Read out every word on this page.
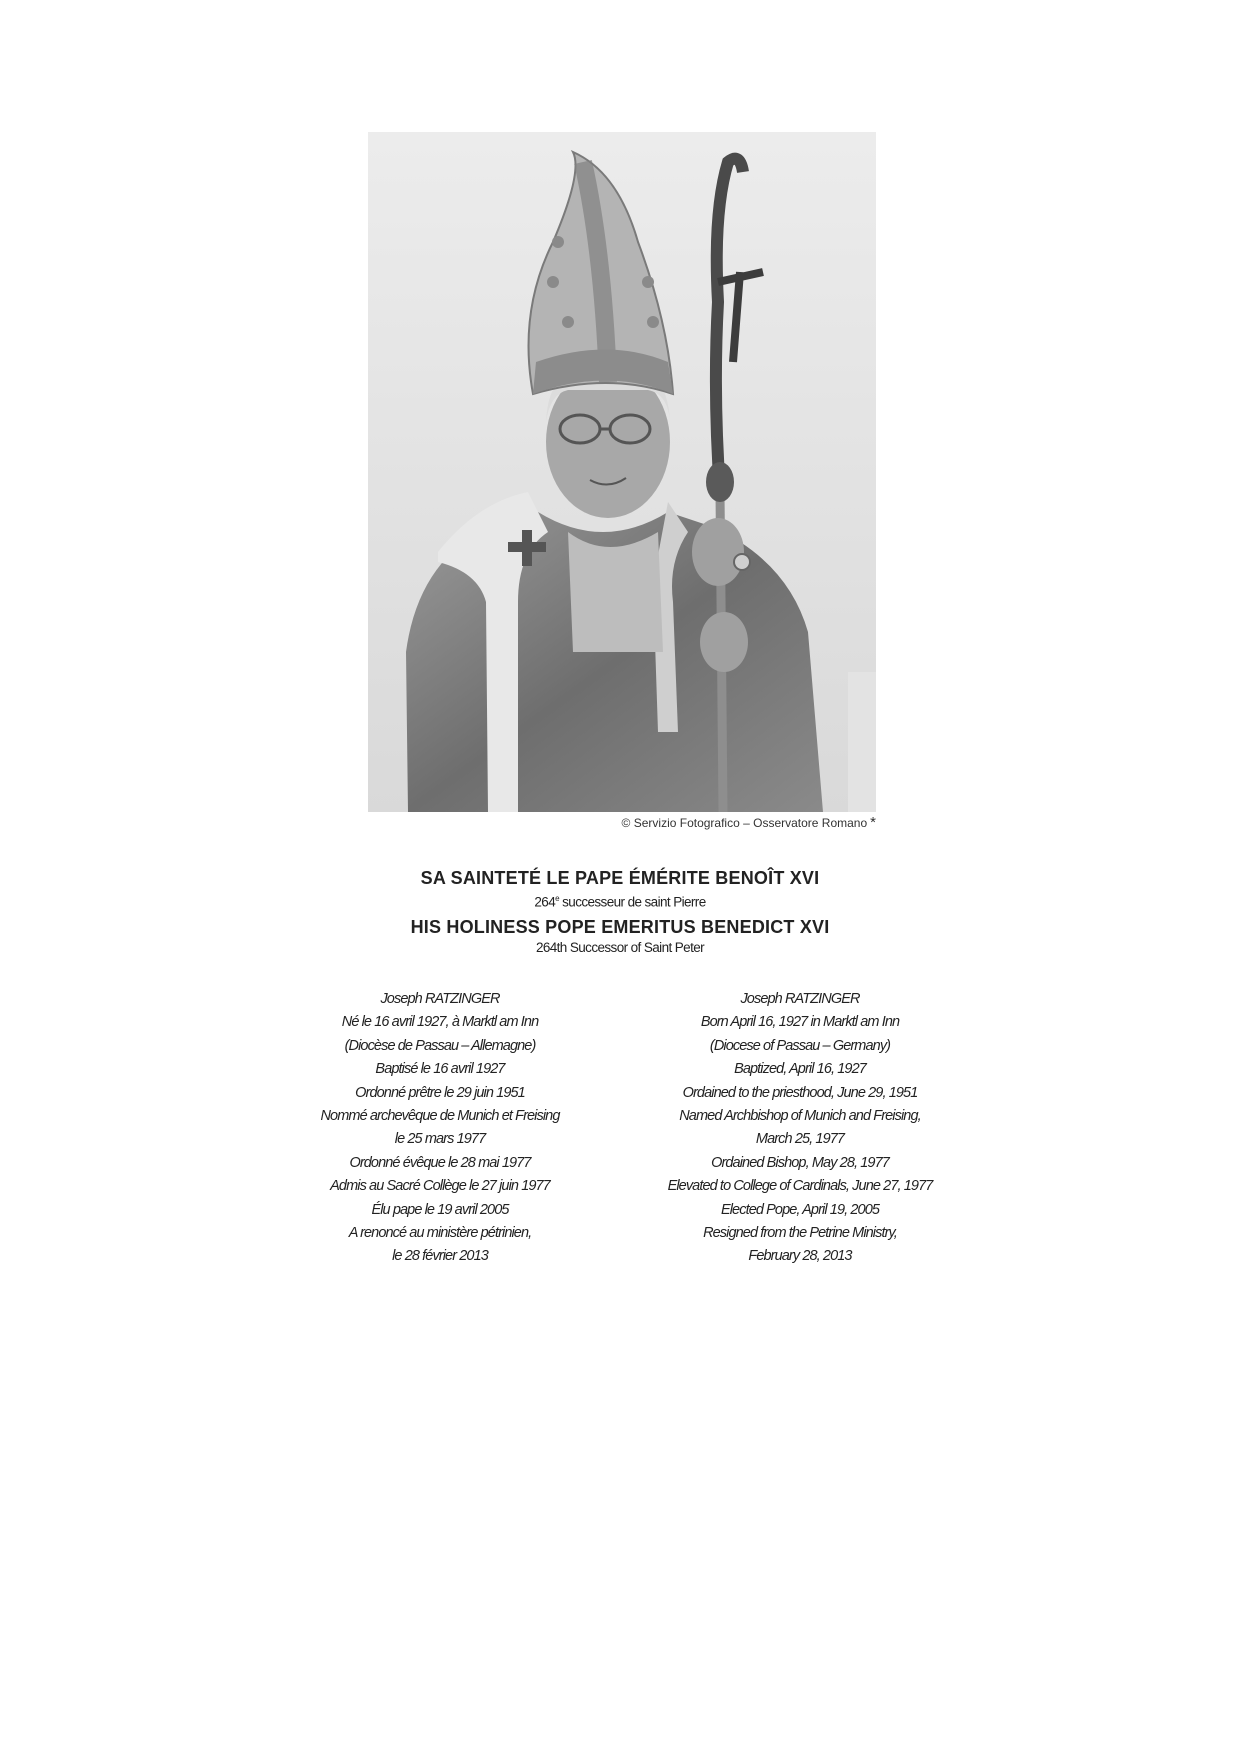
© Servizio Fotografico – Osservatore Romano *

SA SAINTETÉ LE PAPE ÉMÉRITE BENOÎT XVI

264e successeur de saint Pierre

HIS HOLINESS POPE EMERITUS BENEDICT XVI

264th Successor of Saint Peter

Joseph RATZINGER
Né le 16 avril 1927, à Marktl am Inn
(Diocèse de Passau – Allemagne)
Baptisé le 16 avril 1927
Ordonné prêtre le 29 juin 1951
Nommé archevêque de Munich et Freising
le 25 mars 1977
Ordonné évêque le 28 mai 1977
Admis au Sacré Collège le 27 juin 1977
Élu pape le 19 avril 2005
A renoncé au ministère pétrinien,
le 28 février 2013
Joseph RATZINGER
Born April 16, 1927 in Marktl am Inn
(Diocese of Passau – Germany)
Baptized, April 16, 1927
Ordained to the priesthood, June 29, 1951
Named Archbishop of Munich and Freising,
March 25, 1977
Ordained Bishop, May 28, 1977
Elevated to College of Cardinals, June 27, 1977
Elected Pope, April 19, 2005
Resigned from the Petrine Ministry,
February 28, 2013
